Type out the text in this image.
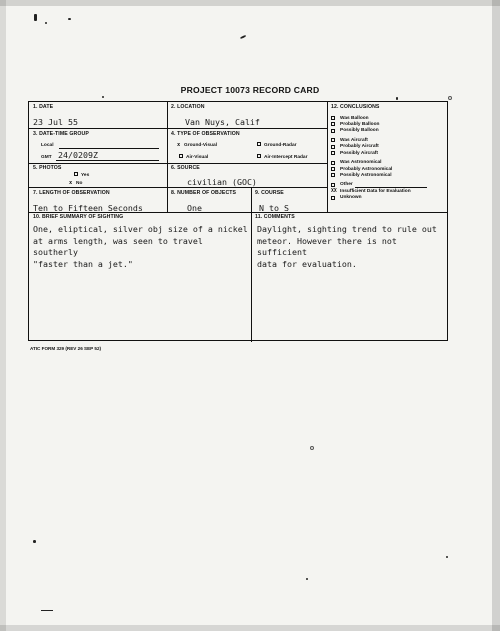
PROJECT 10073 RECORD CARD
1. DATE
23 Jul 55
2. LOCATION
Van Nuys, Calif
3. DATE-TIME GROUP
Local
GMT 24/0209Z
4. TYPE OF OBSERVATION
x Ground-Visual	Ground-Radar
Air-Visual	Air-Intercept Radar
5. PHOTOS
Yes
x No
6. SOURCE
civilian (GOC)
7. LENGTH OF OBSERVATION
Ten to Fifteen Seconds
8. NUMBER OF OBJECTS
One
9. COURSE
N to S
12. CONCLUSIONS
Was Balloon
Probably Balloon
Possibly Balloon
Was Aircraft
Probably Aircraft
Possibly Aircraft
Was Astronomical
Probably Astronomical
Possibly Astronomical
Other
XX Insufficient Data for Evaluation
Unknown
10. BRIEF SUMMARY OF SIGHTING
One, eliptical, silver obj size of a nickel
at arms length, was seen to travel southerly
"faster than a jet."
11. COMMENTS
Daylight, sighting trend to rule out
meteor. However there is not sufficient
data for evaluation.
ATIC FORM 329 (REV 26 SEP 52)
